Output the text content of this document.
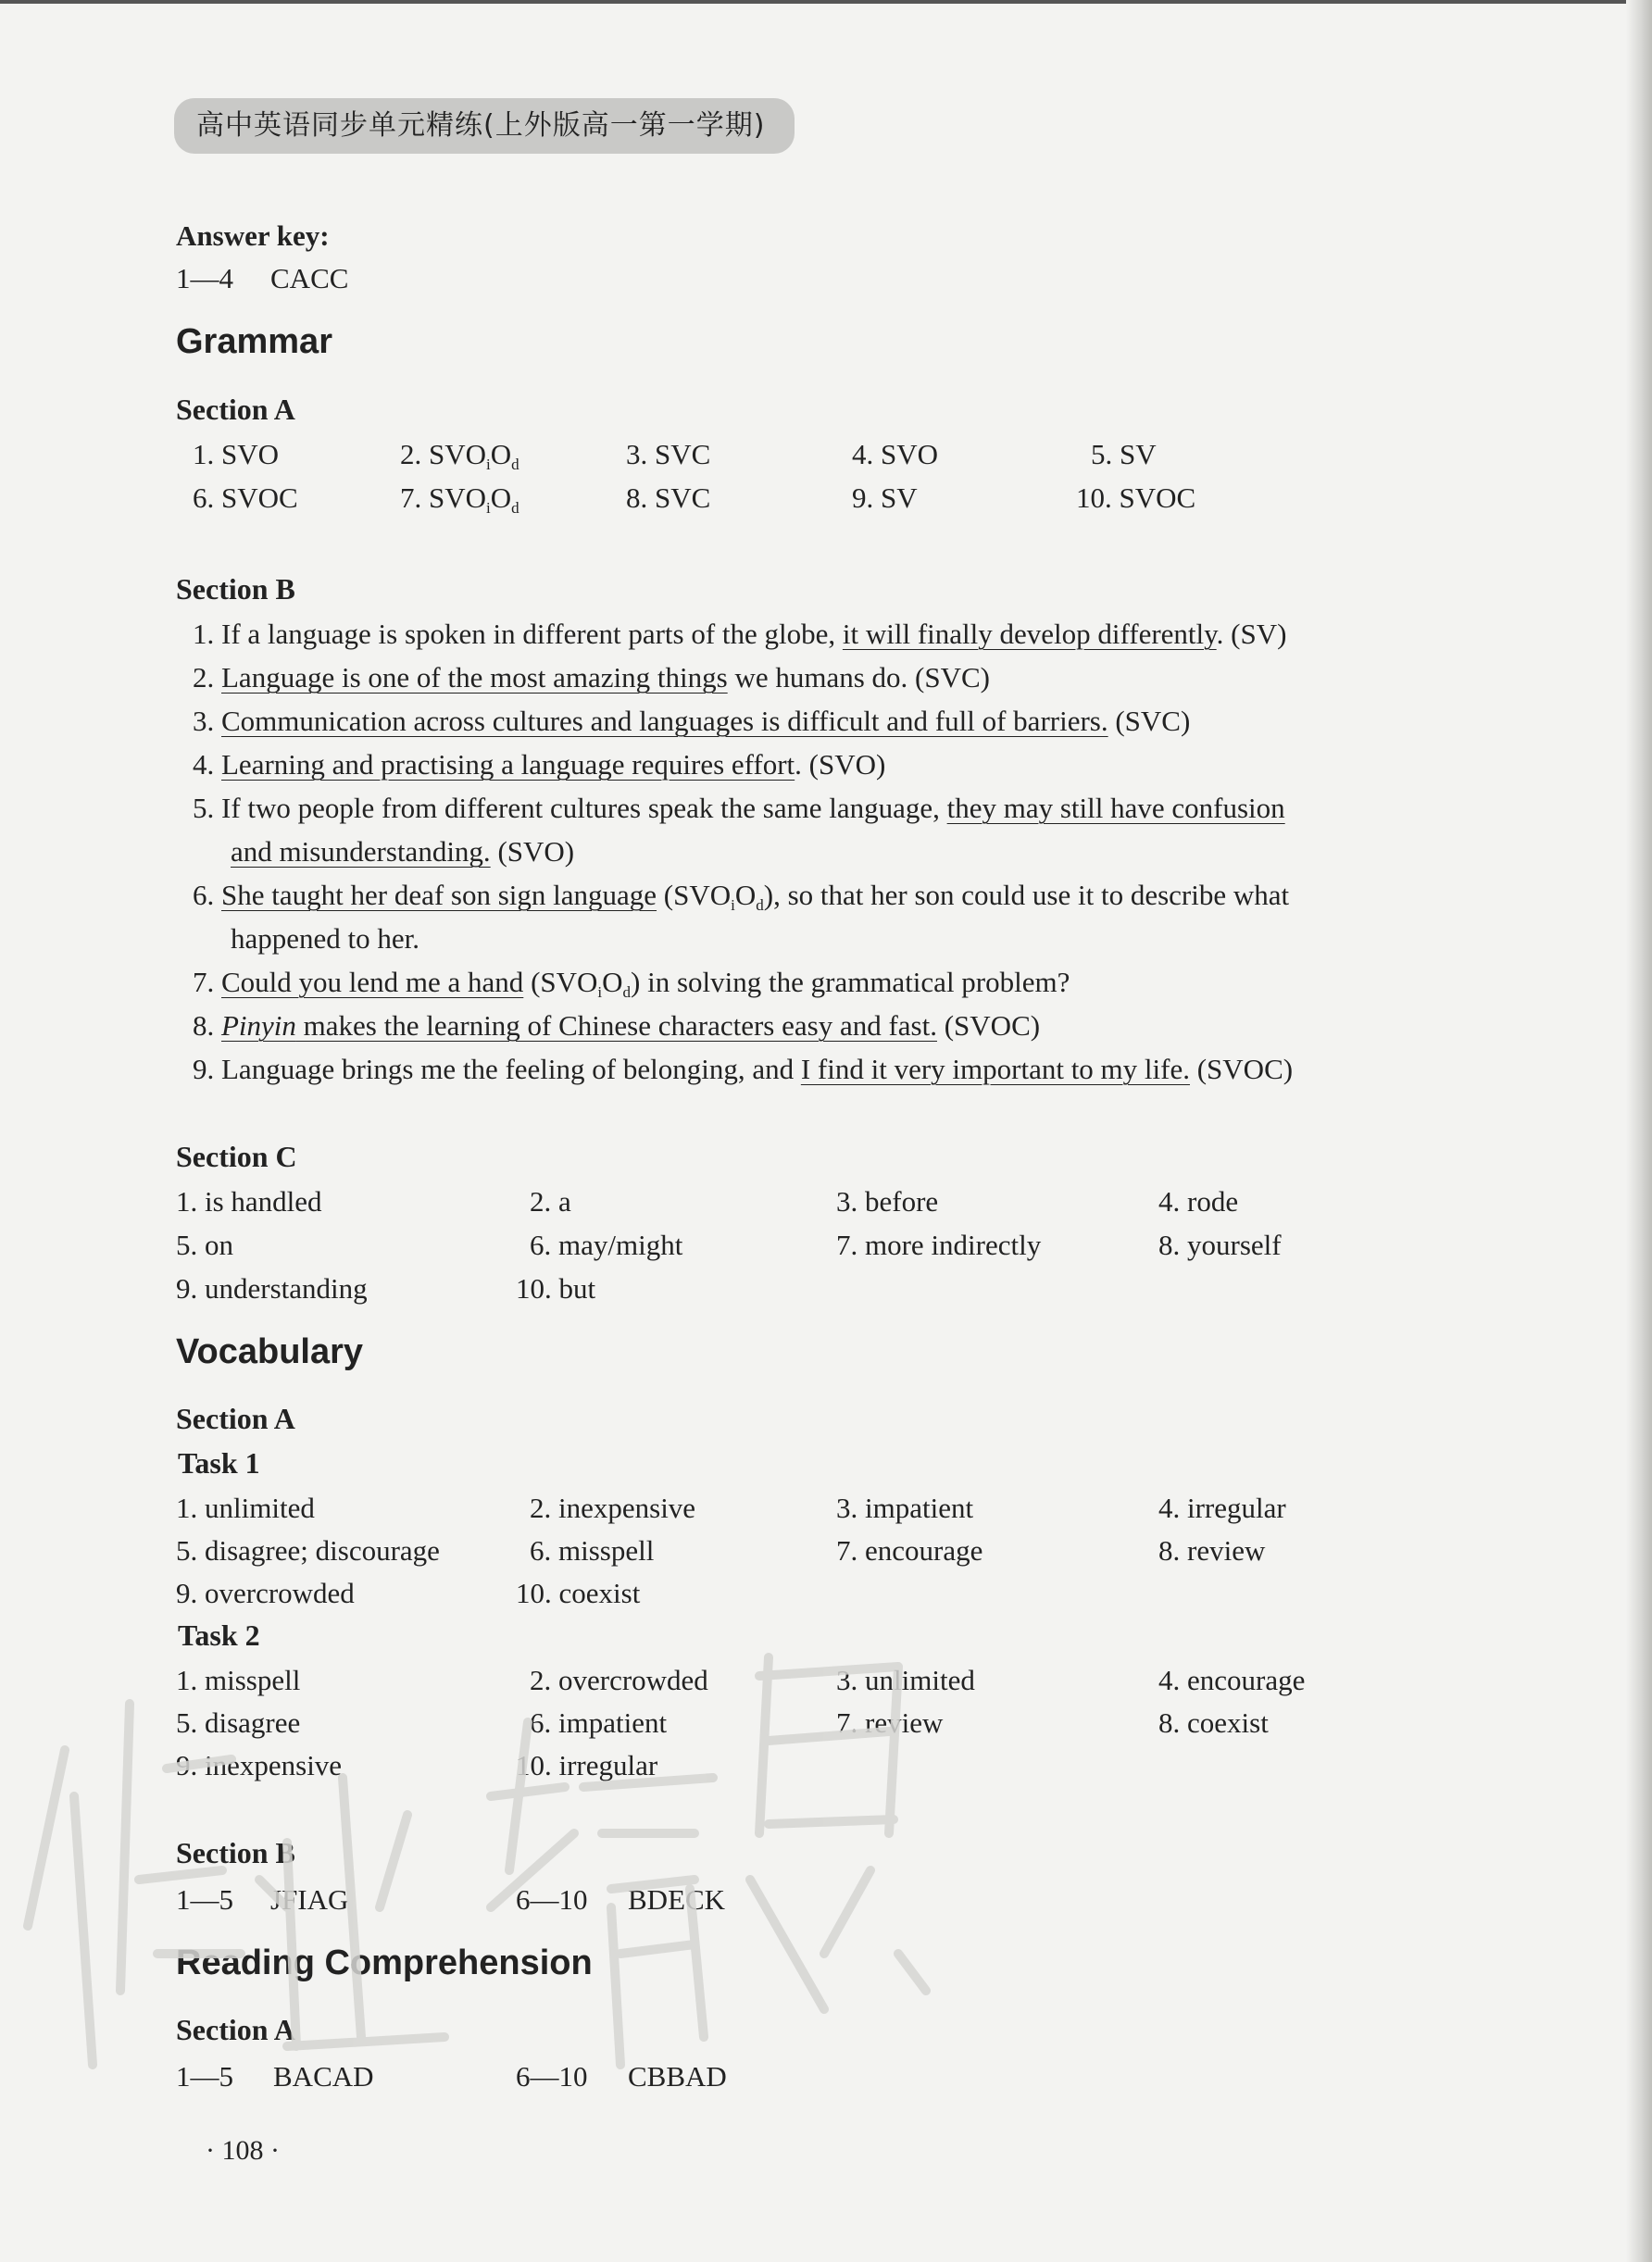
高中英语同步单元精练(上外版高一第一学期)
Answer key:
1—4 CACC
Grammar
Section A
1. SVO	2. $SVO_iO_d$	3. SVC	4. SVO	5. SV
6. SVOC	7. $SVO_iO_d$	8. SVC	9. SV	10. SVOC
Section B
1. If a language is spoken in different parts of the globe, it will finally develop differently. (SV)
2. Language is one of the most amazing things we humans do. (SVC)
3. Communication across cultures and languages is difficult and full of barriers. (SVC)
4. Learning and practising a language requires effort. (SVO)
5. If two people from different cultures speak the same language, they may still have confusion
and misunderstanding. (SVO)
6. She taught her deaf son sign language $(SVO_iO_d)$, so that her son could use it to describe what
happened to her.
7. Could you lend me a hand $(SVO_iO_d)$ in solving the grammatical problem?
8. Pinyin makes the learning of Chinese characters easy and fast. (SVOC)
9. Language brings me the feeling of belonging, and I find it very important to my life. (SVOC)
Section C
1. is handled	2. a	3. before	4. rode
5. on	6. may/might	7. more indirectly	8. yourself
9. understanding	10. but
Vocabulary
Section A
Task 1
1. unlimited	2. inexpensive	3. impatient	4. irregular
5. disagree; discourage	6. misspell	7. encourage	8. review
9. overcrowded	10. coexist
Task 2
1. misspell	2. overcrowded	3. unlimited	4. encourage
5. disagree	6. impatient	7. review	8. coexist
9. inexpensive	10. irregular
Section B
1—5 JFIAG	6—10 BDECK
Reading Comprehension
Section A
1—5 BACAD	6—10 CBBAD
· 108 ·
